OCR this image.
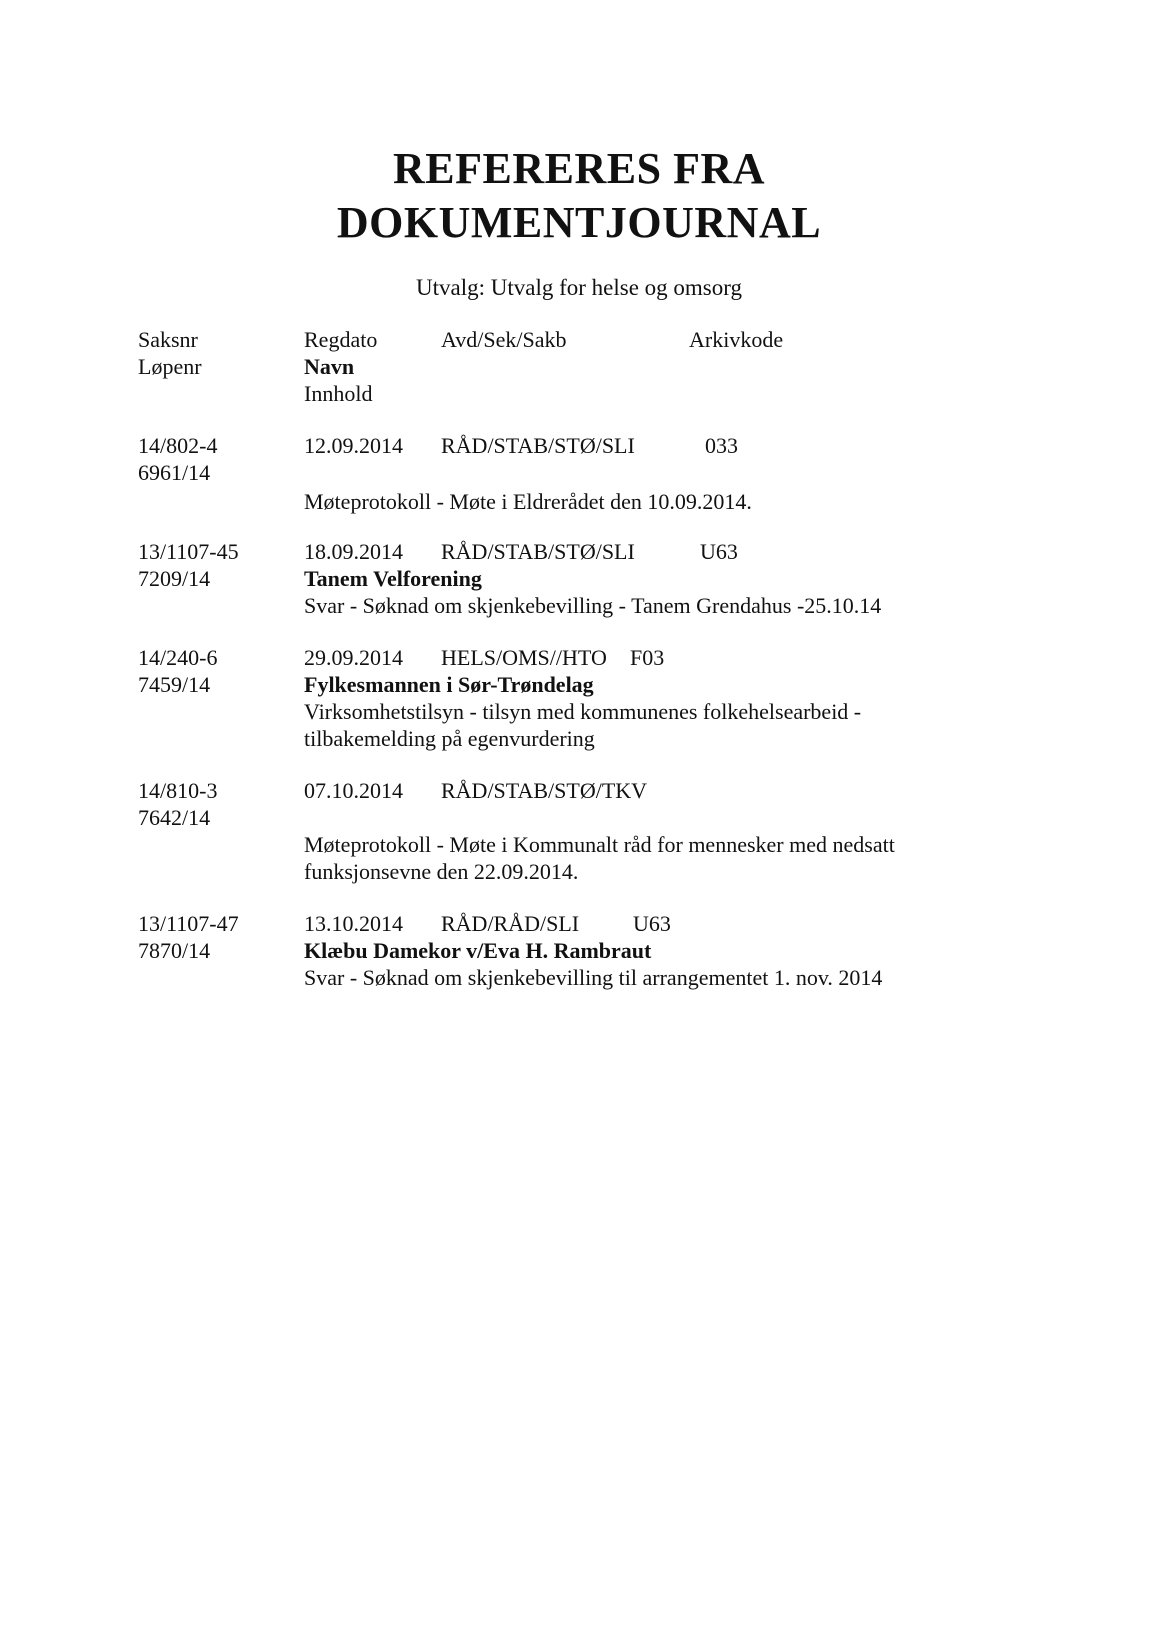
REFERERES FRA
DOKUMENTJOURNAL
Utvalg: Utvalg for helse og omsorg
Saksnr	Regdato	Avd/Sek/Sakb	Arkivkode
Løpenr	Navn
Innhold
14/802-4	12.09.2014 RÅD/STAB/STØ/SLI	033
6961/14
Møteprotokoll - Møte i Eldrerådet den 10.09.2014.
13/1107-45	18.09.2014 RÅD/STAB/STØ/SLI	U63
7209/14	Tanem Velforening
Svar - Søknad om skjenkebevilling - Tanem Grendahus -25.10.14
14/240-6	29.09.2014 HELS/OMS//HTO F03
7459/14	Fylkesmannen i Sør-Trøndelag
Virksomhetstilsyn - tilsyn med kommunenes folkehelsearbeid -
tilbakemelding på egenvurdering
14/810-3	07.10.2014 RÅD/STAB/STØ/TKV
7642/14
Møteprotokoll - Møte i Kommunalt råd for mennesker med nedsatt
funksjonsevne den 22.09.2014.
13/1107-47	13.10.2014 RÅD/RÅD/SLI U63
7870/14	Klæbu Damekor v/Eva H. Rambraut
Svar - Søknad om skjenkebevilling til arrangementet 1. nov. 2014
